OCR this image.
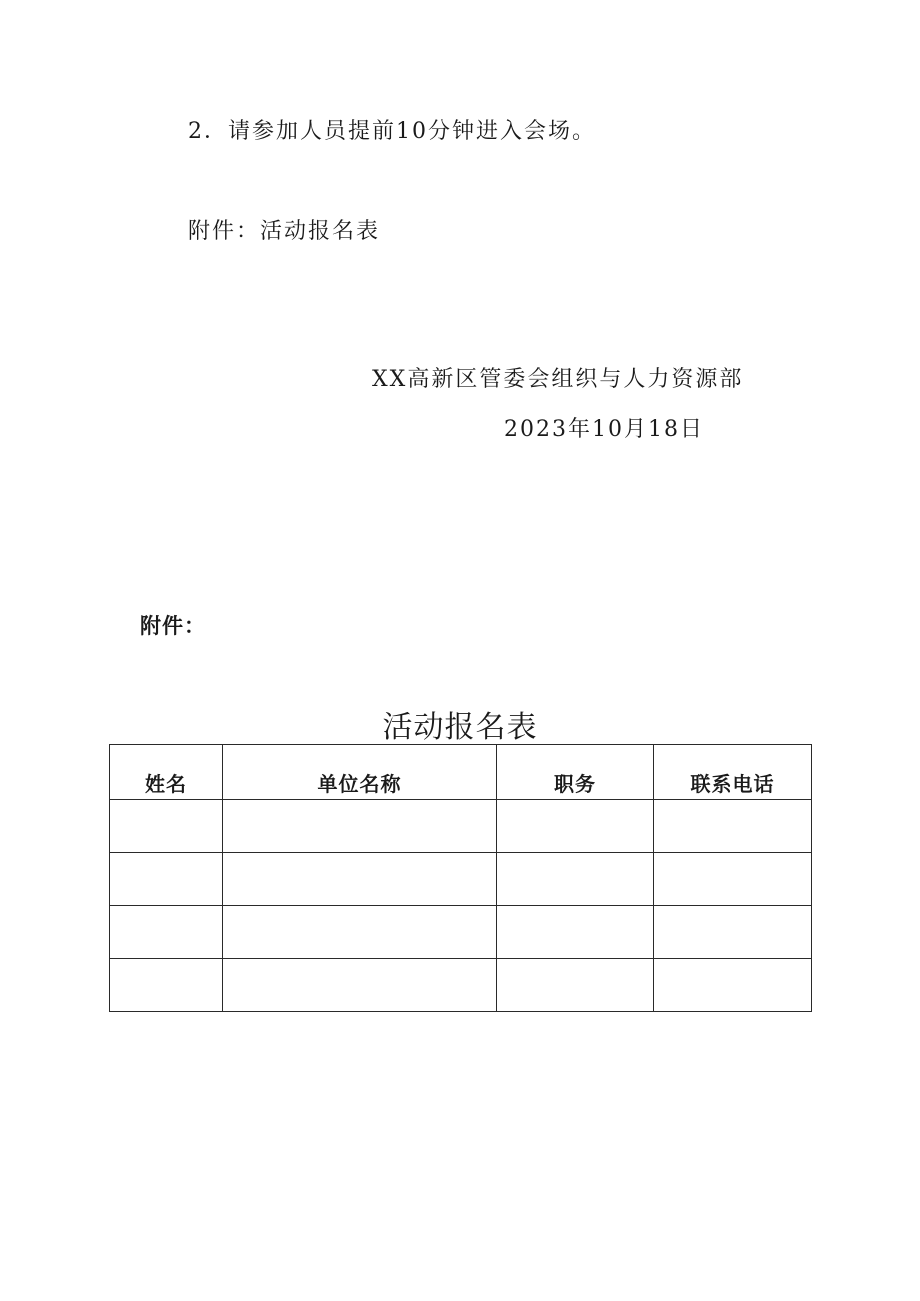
2．请参加人员提前10分钟进入会场。
附件：活动报名表
XX高新区管委会组织与人力资源部
2023年10月18日
附件：
活动报名表
姓名	单位名称	职务	联系电话
